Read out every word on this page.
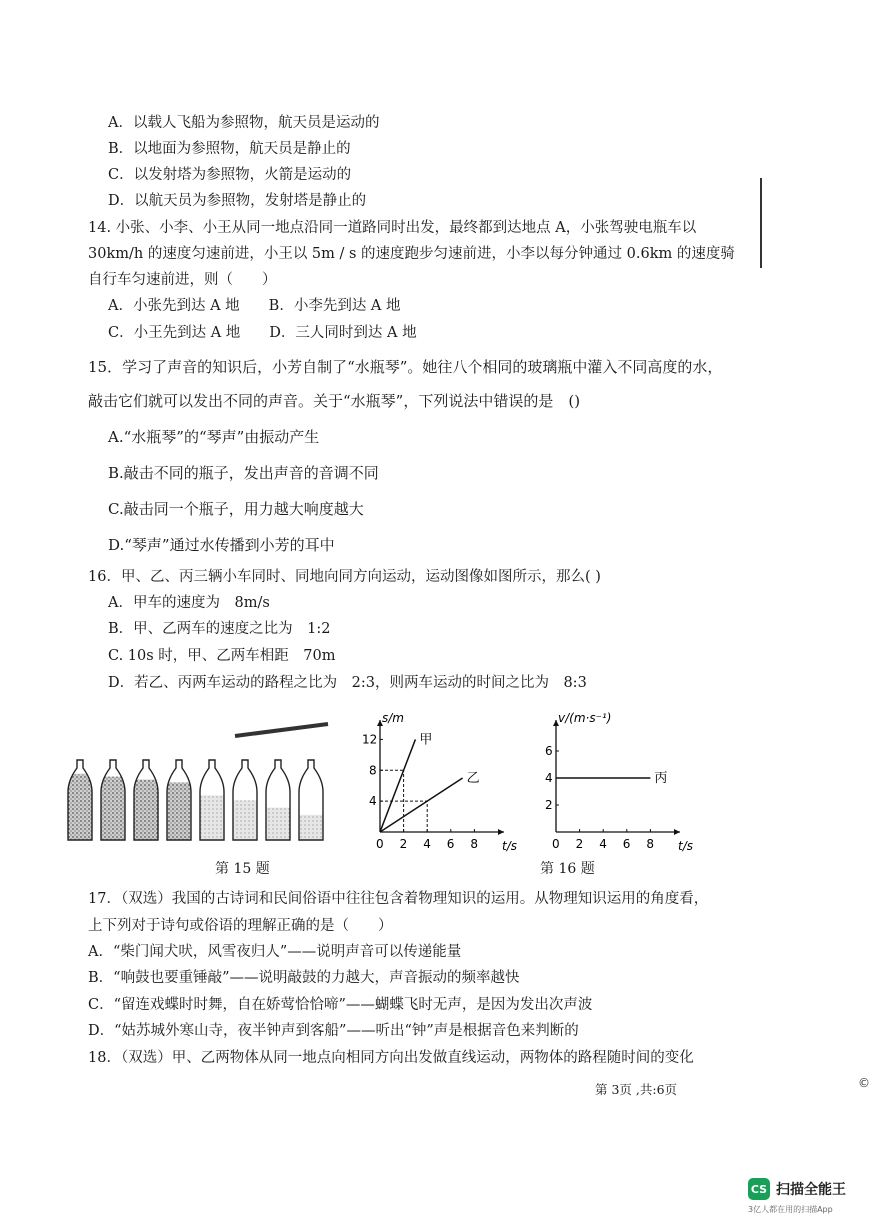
A．以载人飞船为参照物，航天员是运动的
B．以地面为参照物，航天员是静止的
C．以发射塔为参照物，火箭是运动的
D．以航天员为参照物，发射塔是静止的
14. 小张、小李、小王从同一地点沿同一道路同时出发，最终都到达地点 A，小张驾驶电瓶车以
30km/h 的速度匀速前进，小王以 5m / s 的速度跑步匀速前进，小李以每分钟通过 0.6km 的速度骑
自行车匀速前进，则（　　）
A．小张先到达 A 地　　B．小李先到达 A 地
C．小王先到达 A 地　　D．三人同时到达 A 地
15．学习了声音的知识后，小芳自制了“水瓶琴”。她往八个相同的玻璃瓶中灌入不同高度的水，
敲击它们就可以发出不同的声音。关于“水瓶琴”，下列说法中错误的是　()
A.“水瓶琴”的“琴声”由振动产生
B.敲击不同的瓶子，发出声音的音调不同
C.敲击同一个瓶子，用力越大响度越大
D.“琴声”通过水传播到小芳的耳中
16．甲、乙、丙三辆小车同时、同地向同方向运动，运动图像如图所示，那么( )
A．甲车的速度为　8m/s
B．甲、乙两车的速度之比为　1:2
C. 10s 时，甲、乙两车相距　70m
D．若乙、丙两车运动的路程之比为　2:3，则两车运动的时间之比为　8:3
t/s
s/m
0 2 4 6 8
4
8
12	甲
乙
t/s
v/(m·s⁻¹)
0 2 4 6 8
2
4
6
丙
第 15 题	第 16 题
17．（双选）我国的古诗词和民间俗语中往往包含着物理知识的运用。从物理知识运用的角度看，
上下列对于诗句或俗语的理解正确的是（　　）
A．“柴门闻犬吠，风雪夜归人”——说明声音可以传递能量
B．“响鼓也要重锤敲”——说明敲鼓的力越大，声音振动的频率越快
C．“留连戏蝶时时舞，自在娇莺恰恰啼”——蝴蝶飞时无声，是因为发出次声波
D．“姑苏城外寒山寺，夜半钟声到客船”——听出“钟”声是根据音色来判断的
18．（双选）甲、乙两物体从同一地点向相同方向出发做直线运动，两物体的路程随时间的变化
第 3页 ,共:6页	©
CS 扫描全能王
3亿人都在用的扫描App
